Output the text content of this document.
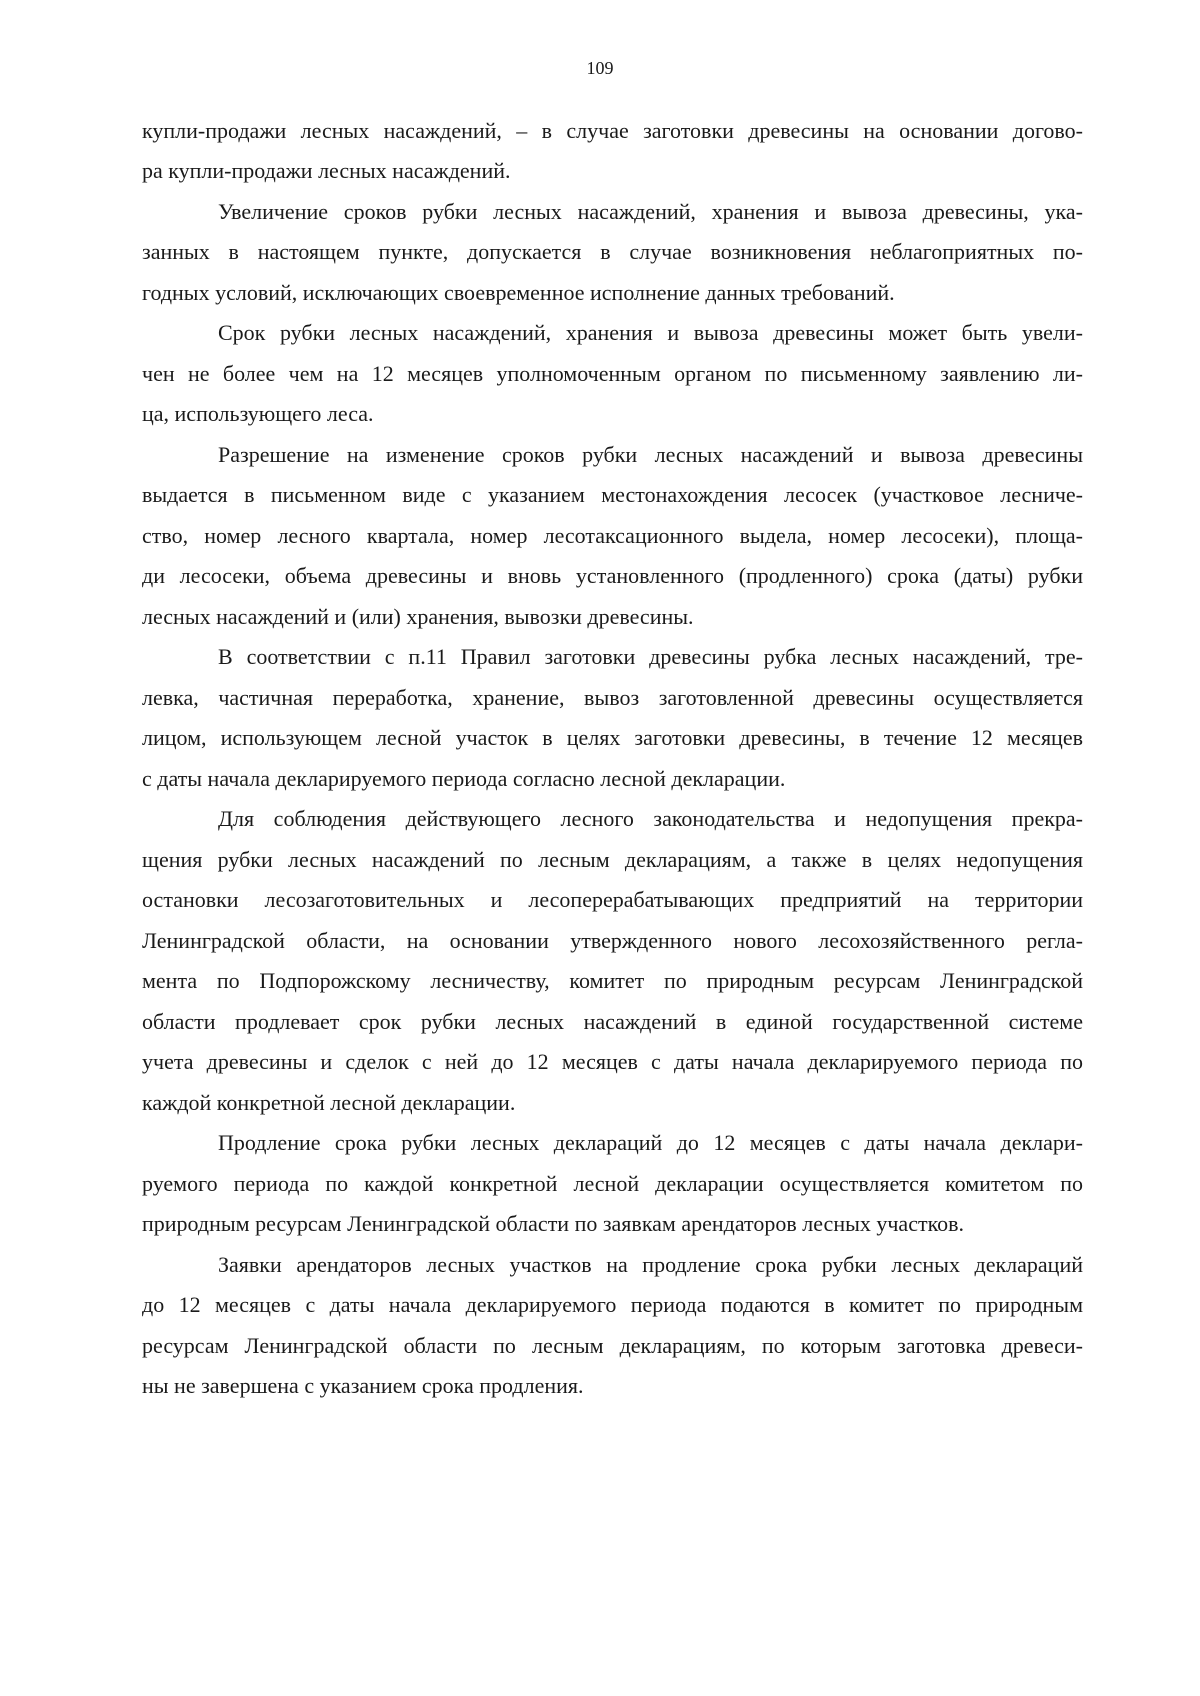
109
купли-продажи лесных насаждений, – в случае заготовки древесины на основании догово-
ра купли-продажи лесных насаждений.
Увеличение сроков рубки лесных насаждений, хранения и вывоза древесины, ука-
занных в настоящем пункте, допускается в случае возникновения неблагоприятных по-
годных условий, исключающих своевременное исполнение данных требований.
Срок рубки лесных насаждений, хранения и вывоза древесины может быть увели-
чен не более чем на 12 месяцев уполномоченным органом по письменному заявлению ли-
ца, использующего леса.
Разрешение на изменение сроков рубки лесных насаждений и вывоза древесины
выдается в письменном виде с указанием местонахождения лесосек (участковое лесниче-
ство, номер лесного квартала, номер лесотаксационного выдела, номер лесосеки), площа-
ди лесосеки, объема древесины и вновь установленного (продленного) срока (даты) рубки
лесных насаждений и (или) хранения, вывозки древесины.
В соответствии с п.11 Правил заготовки древесины рубка лесных насаждений, тре-
левка, частичная переработка, хранение, вывоз заготовленной древесины осуществляется
лицом, использующем лесной участок в целях заготовки древесины, в течение 12 месяцев
с даты начала декларируемого периода согласно лесной декларации.
Для соблюдения действующего лесного законодательства и недопущения прекра-
щения рубки лесных насаждений по лесным декларациям, а также в целях недопущения
остановки лесозаготовительных и лесоперерабатывающих предприятий на территории
Ленинградской области, на основании утвержденного нового лесохозяйственного регла-
мента по Подпорожскому лесничеству, комитет по природным ресурсам Ленинградской
области продлевает срок рубки лесных насаждений в единой государственной системе
учета древесины и сделок с ней до 12 месяцев с даты начала декларируемого периода по
каждой конкретной лесной декларации.
Продление срока рубки лесных деклараций до 12 месяцев с даты начала деклари-
руемого периода по каждой конкретной лесной декларации осуществляется комитетом по
природным ресурсам Ленинградской области по заявкам арендаторов лесных участков.
Заявки арендаторов лесных участков на продление срока рубки лесных деклараций
до 12 месяцев с даты начала декларируемого периода подаются в комитет по природным
ресурсам Ленинградской области по лесным декларациям, по которым заготовка древеси-
ны не завершена с указанием срока продления.
